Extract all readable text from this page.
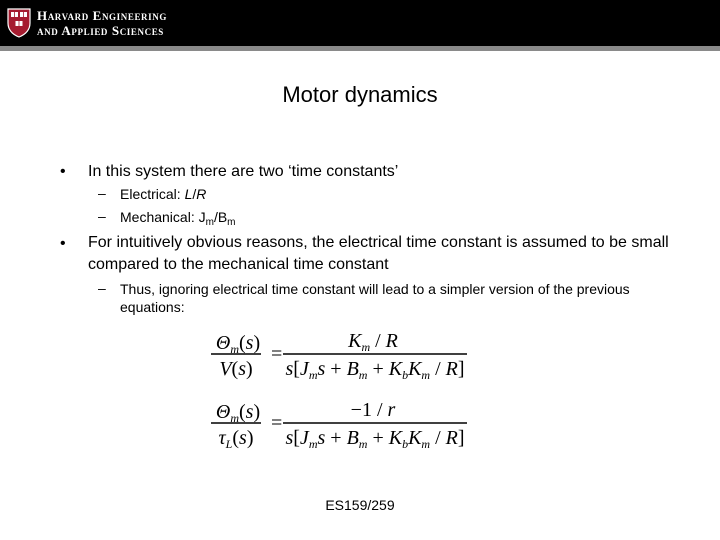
Harvard Engineering
and Applied Sciences
Motor dynamics
• In this system there are two ‘time constants’
– Electrical: L/R
– Mechanical: $J_m/B_m$
• For intuitively obvious reasons, the electrical time constant is assumed to be small compared to the mechanical time constant
– Thus, ignoring electrical time constant will lead to a simpler version of the previous equations:
$\Theta_m(s)$
V(s)
=
$K_m$ / R
$s[J_ms + B_m + K_bK_m / R]$
$\Theta_m(s)$
$\tau_L(s)$
=
−1 / r
$s[J_ms + B_m + K_bK_m / R]$
ES159/259
